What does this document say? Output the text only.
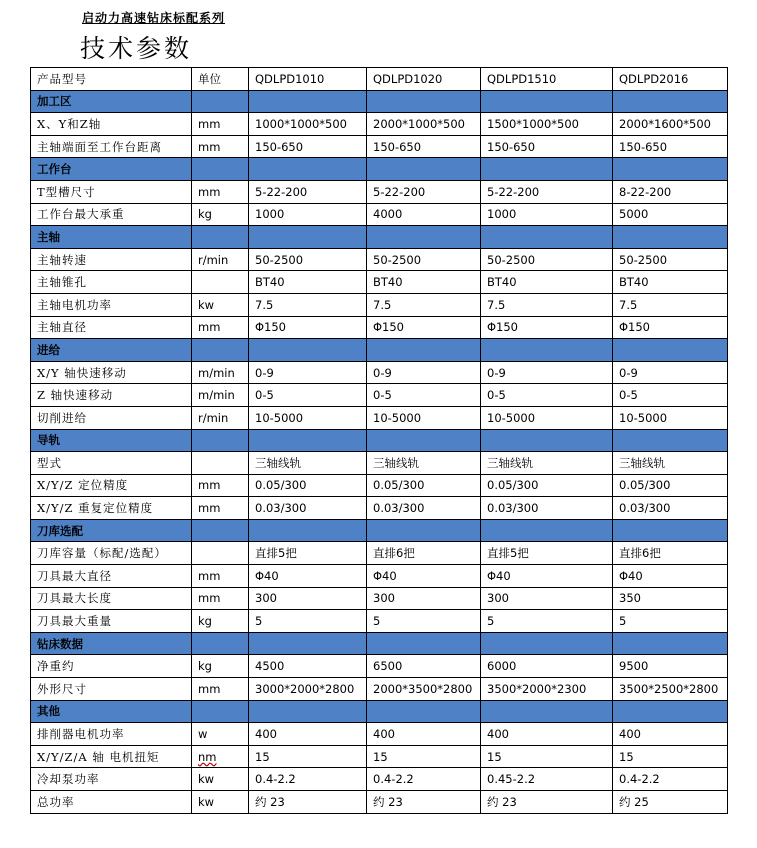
启动力高速钻床标配系列
技术参数
产品型号	单位	QDLPD1010	QDLPD1020	QDLPD1510	QDLPD2016
加工区					
X、Y和Z轴	mm	1000*1000*500	2000*1000*500	1500*1000*500	2000*1600*500
主轴端面至工作台距离	mm	150-650	150-650	150-650	150-650
工作台					
T型槽尺寸	mm	5-22-200	5-22-200	5-22-200	8-22-200
工作台最大承重	kg	1000	4000	1000	5000
主轴					
主轴转速	r/min	50-2500	50-2500	50-2500	50-2500
主轴锥孔		BT40	BT40	BT40	BT40
主轴电机功率	kw	7.5	7.5	7.5	7.5
主轴直径	mm	Φ150	Φ150	Φ150	Φ150
进给					
X/Y 轴快速移动	m/min	0-9	0-9	0-9	0-9
Z 轴快速移动	m/min	0-5	0-5	0-5	0-5
切削进给	r/min	10-5000	10-5000	10-5000	10-5000
导轨					
型式		三轴线轨	三轴线轨	三轴线轨	三轴线轨
X/Y/Z 定位精度	mm	0.05/300	0.05/300	0.05/300	0.05/300
X/Y/Z 重复定位精度	mm	0.03/300	0.03/300	0.03/300	0.03/300
刀库选配					
刀库容量（标配/选配）		直排5把	直排6把	直排5把	直排6把
刀具最大直径	mm	Φ40	Φ40	Φ40	Φ40
刀具最大长度	mm	300	300	300	350
刀具最大重量	kg	5	5	5	5
钻床数据					
净重约	kg	4500	6500	6000	9500
外形尺寸	mm	3000*2000*2800	2000*3500*2800	3500*2000*2300	3500*2500*2800
其他					
排削器电机功率	w	400	400	400	400
X/Y/Z/A 轴 电机扭矩	nm	15	15	15	15
冷却泵功率	kw	0.4-2.2	0.4-2.2	0.45-2.2	0.4-2.2
总功率	kw	约 23	约 23	约 23	约 25
